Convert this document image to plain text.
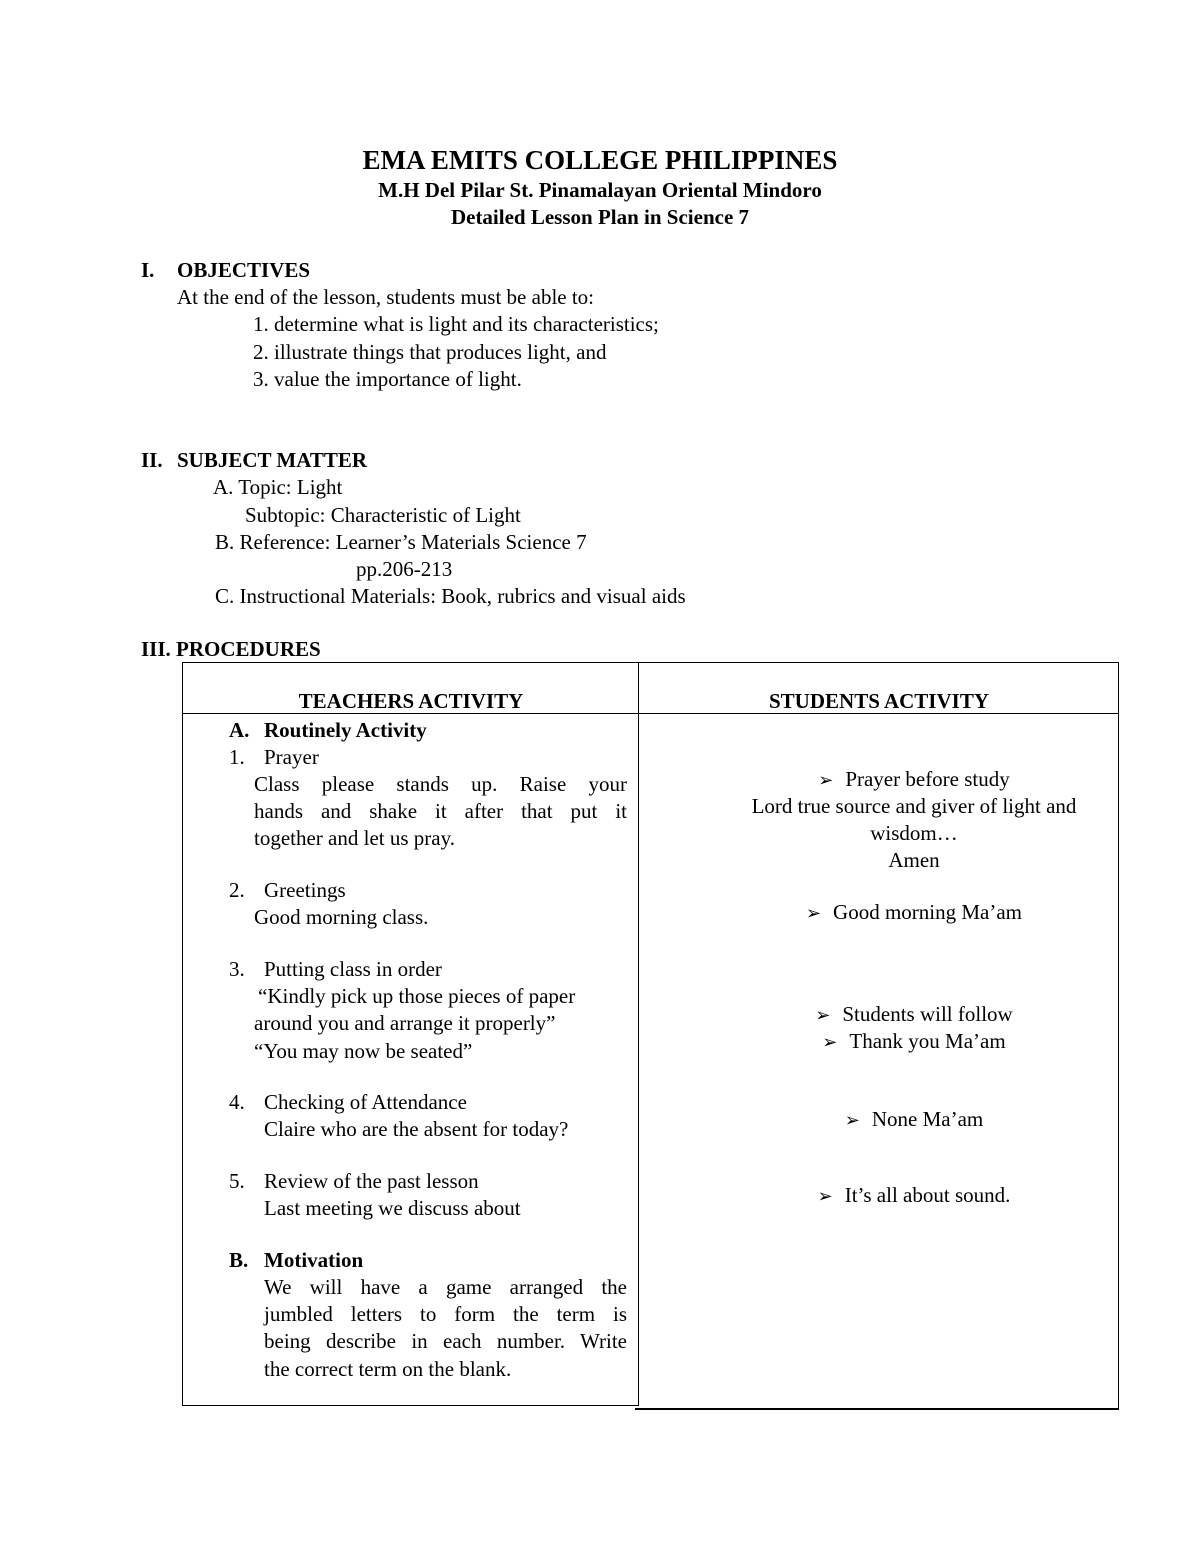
EMA EMITS COLLEGE PHILIPPINES
M.H Del Pilar St. Pinamalayan Oriental Mindoro
Detailed Lesson Plan in Science 7
I. OBJECTIVES
At the end of the lesson, students must be able to:
1. determine what is light and its characteristics;
2. illustrate things that produces light, and
3. value the importance of light.
II. SUBJECT MATTER
A. Topic: Light
Subtopic: Characteristic of Light
B. Reference: Learner’s Materials Science 7
pp.206-213
C. Instructional Materials: Book, rubrics and visual aids
III. PROCEDURES
TEACHERS ACTIVITY	STUDENTS ACTIVITY
A. Routinely Activity
1. Prayer
Class please stands up. Raise your
hands and shake it after that put it
together and let us pray.
2. Greetings
Good morning class.
3. Putting class in order
“Kindly pick up those pieces of paper
around you and arrange it properly”
“You may now be seated”
4. Checking of Attendance
Claire who are the absent for today?
5. Review of the past lesson
Last meeting we discuss about
B. Motivation
We will have a game arranged the
jumbled letters to form the term is
being describe in each number. Write
the correct term on the blank.
➢ Prayer before study
Lord true source and giver of light and
wisdom…
Amen
➢ Good morning Ma’am
➢ Students will follow
➢ Thank you Ma’am
➢ None Ma’am
➢ It’s all about sound.
